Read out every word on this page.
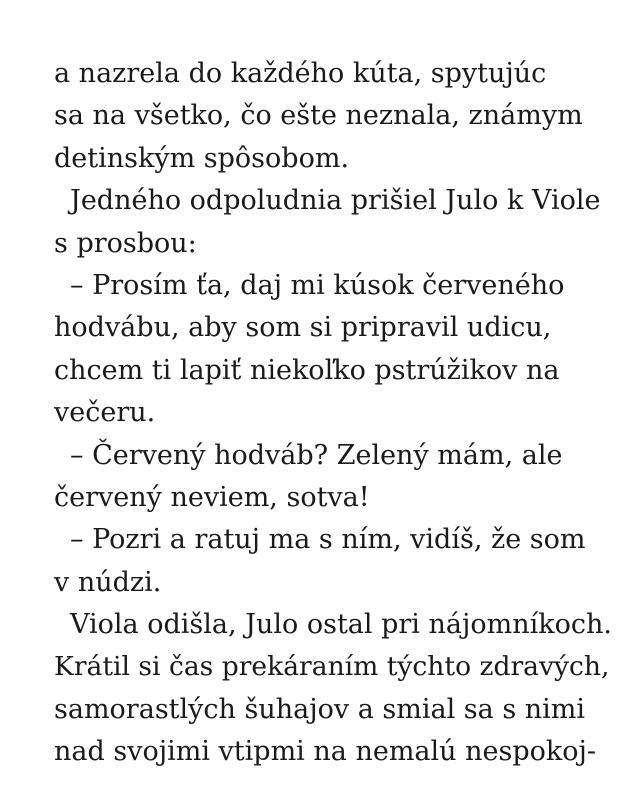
a nazrela do každého kúta, spytujúc
sa na všetko, čo ešte neznala, známym
detinským spôsobom.
Jedného odpoludnia prišiel Julo k Viole
s prosbou:
– Prosím ťa, daj mi kúsok červeného
hodvábu, aby som si pripravil udicu,
chcem ti lapiť niekoľko pstrúžikov na
večeru.
– Červený hodváb? Zelený mám, ale
červený neviem, sotva!
– Pozri a ratuj ma s ním, vidíš, že som
v núdzi.
Viola odišla, Julo ostal pri nájomníkoch.
Krátil si čas prekáraním týchto zdravých,
samorastlých šuhajov a smial sa s nimi
nad svojimi vtipmi na nemalú nespokoj-
